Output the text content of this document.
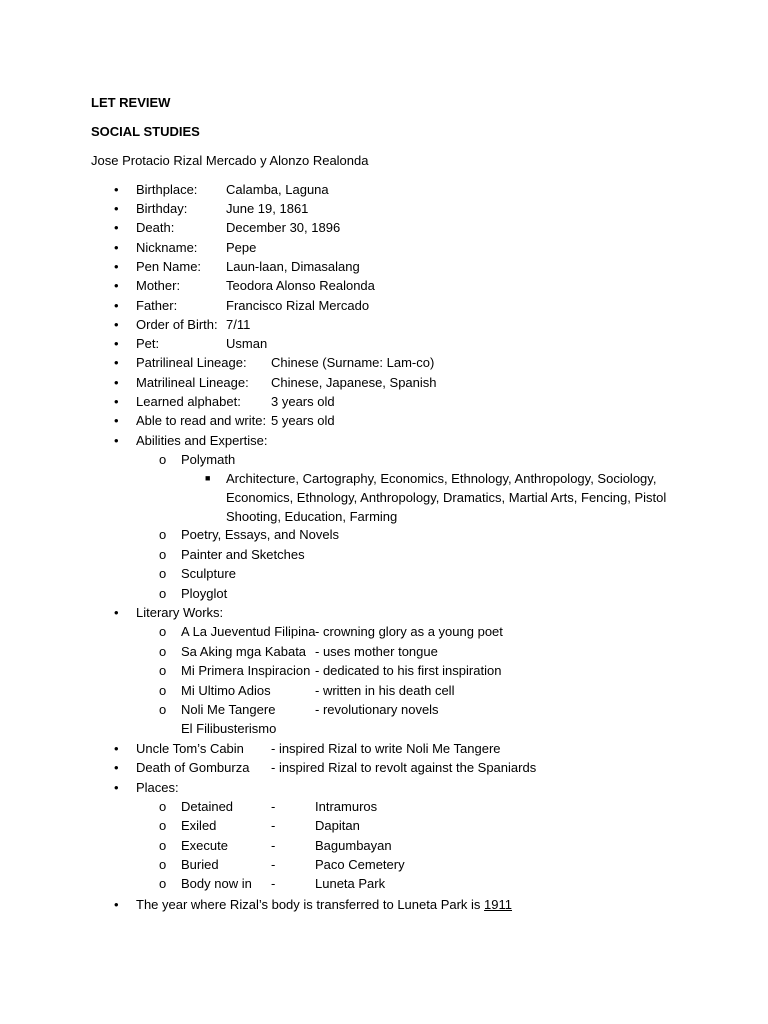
LET REVIEW
SOCIAL STUDIES
Jose Protacio Rizal Mercado y Alonzo Realonda
• Birthplace: Calamba, Laguna
• Birthday:	June 19, 1861
• Death:	December 30, 1896
• Nickname: Pepe
• Pen Name: Laun-laan, Dimasalang
• Mother:	Teodora Alonso Realonda
• Father:	Francisco Rizal Mercado
• Order of Birth: 7/11
• Pet:	Usman
• Patrilineal Lineage: Chinese (Surname: Lam-co)
• Matrilineal Lineage: Chinese, Japanese, Spanish
• Learned alphabet: 3 years old
• Able to read and write: 5 years old
• Abilities and Expertise:
o Polymath
■ Architecture, Cartography, Economics, Ethnology, Anthropology, Sociology,
Economics, Ethnology, Anthropology, Dramatics, Martial Arts, Fencing, Pistol
Shooting, Education, Farming
o Poetry, Essays, and Novels
o Painter and Sketches
o Sculpture
o Ployglot
• Literary Works:
o A La Jueventud Filipina - crowning glory as a young poet
o Sa Aking mga Kabata - uses mother tongue
o Mi Primera Inspiracion - dedicated to his first inspiration
o Mi Ultimo Adios	- written in his death cell
o Noli Me Tangere	- revolutionary novels
El Filibusterismo
• Uncle Tom’s Cabin - inspired Rizal to write Noli Me Tangere
• Death of Gomburza - inspired Rizal to revolt against the Spaniards
• Places:
o Detained	-	Intramuros
o Exiled	-	Dapitan
o Execute	-	Bagumbayan
o Buried	-	Paco Cemetery
o Body now in -	Luneta Park
• The year where Rizal’s body is transferred to Luneta Park is 1911
